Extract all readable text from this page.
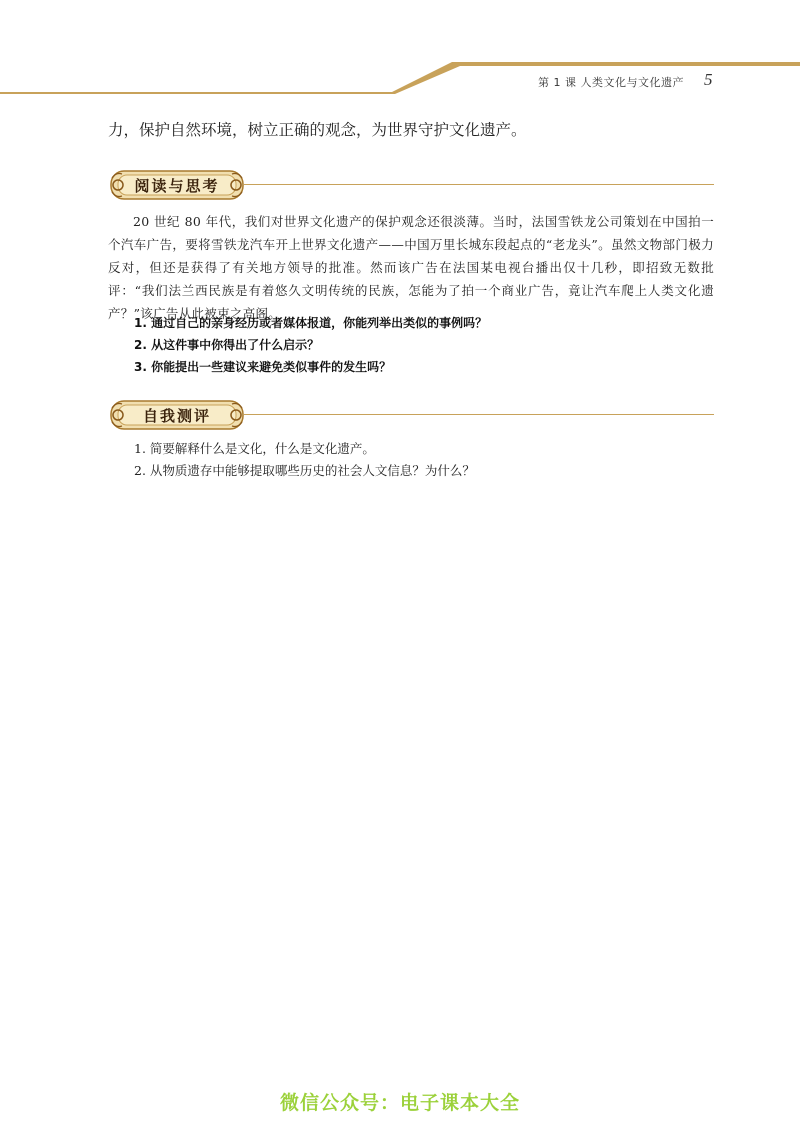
第 1 课 人类文化与文化遗产 5
力，保护自然环境，树立正确的观念，为世界守护文化遗产。
阅读与思考

20 世纪 80 年代，我们对世界文化遗产的保护观念还很淡薄。当时，法国雪铁龙公司策划在中国拍一个汽车广告，要将雪铁龙汽车开上世界文化遗产——中国万里长城东段起点的“老龙头”。虽然文物部门极力反对，但还是获得了有关地方领导的批准。然而该广告在法国某电视台播出仅十几秒，即招致无数批评：“我们法兰西民族是有着悠久文明传统的民族，怎能为了拍一个商业广告，竟让汽车爬上人类文化遗产？”该广告从此被束之高阁。

1. 通过自己的亲身经历或者媒体报道，你能列举出类似的事例吗？
2. 从这件事中你得出了什么启示？
3. 你能提出一些建议来避免类似事件的发生吗？
自我测评
1. 简要解释什么是文化，什么是文化遗产。
2. 从物质遗存中能够提取哪些历史的社会人文信息？为什么？
微信公众号：电子课本大全
